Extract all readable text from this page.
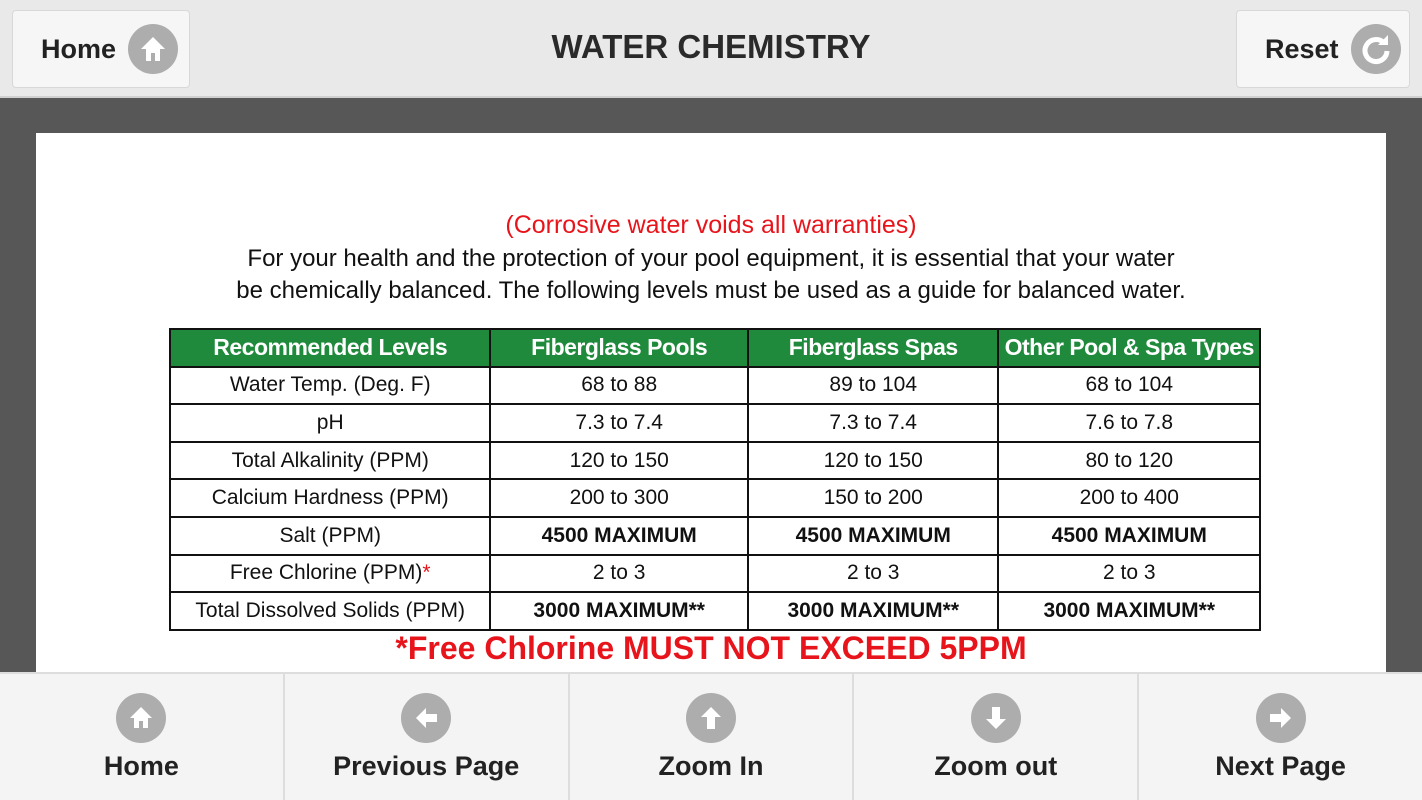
Home	WATER CHEMISTRY	Reset
(Corrosive water voids all warranties)
For your health and the protection of your pool equipment, it is essential that your water
be chemically balanced. The following levels must be used as a guide for balanced water.
Recommended Levels	Fiberglass Pools	Fiberglass Spas	Other Pool & Spa Types
Water Temp. (Deg. F)	68 to 88	89 to 104	68 to 104
pH	7.3 to 7.4	7.3 to 7.4	7.6 to 7.8
Total Alkalinity (PPM)	120 to 150	120 to 150	80 to 120
Calcium Hardness (PPM)	200 to 300	150 to 200	200 to 400
Salt (PPM)	4500 MAXIMUM	4500 MAXIMUM	4500 MAXIMUM
Free Chlorine (PPM)*	2 to 3	2 to 3	2 to 3
Total Dissolved Solids (PPM)	3000 MAXIMUM**	3000 MAXIMUM**	3000 MAXIMUM**
*Free Chlorine MUST NOT EXCEED 5PPM
Home	Previous Page	Zoom In	Zoom out	Next Page
